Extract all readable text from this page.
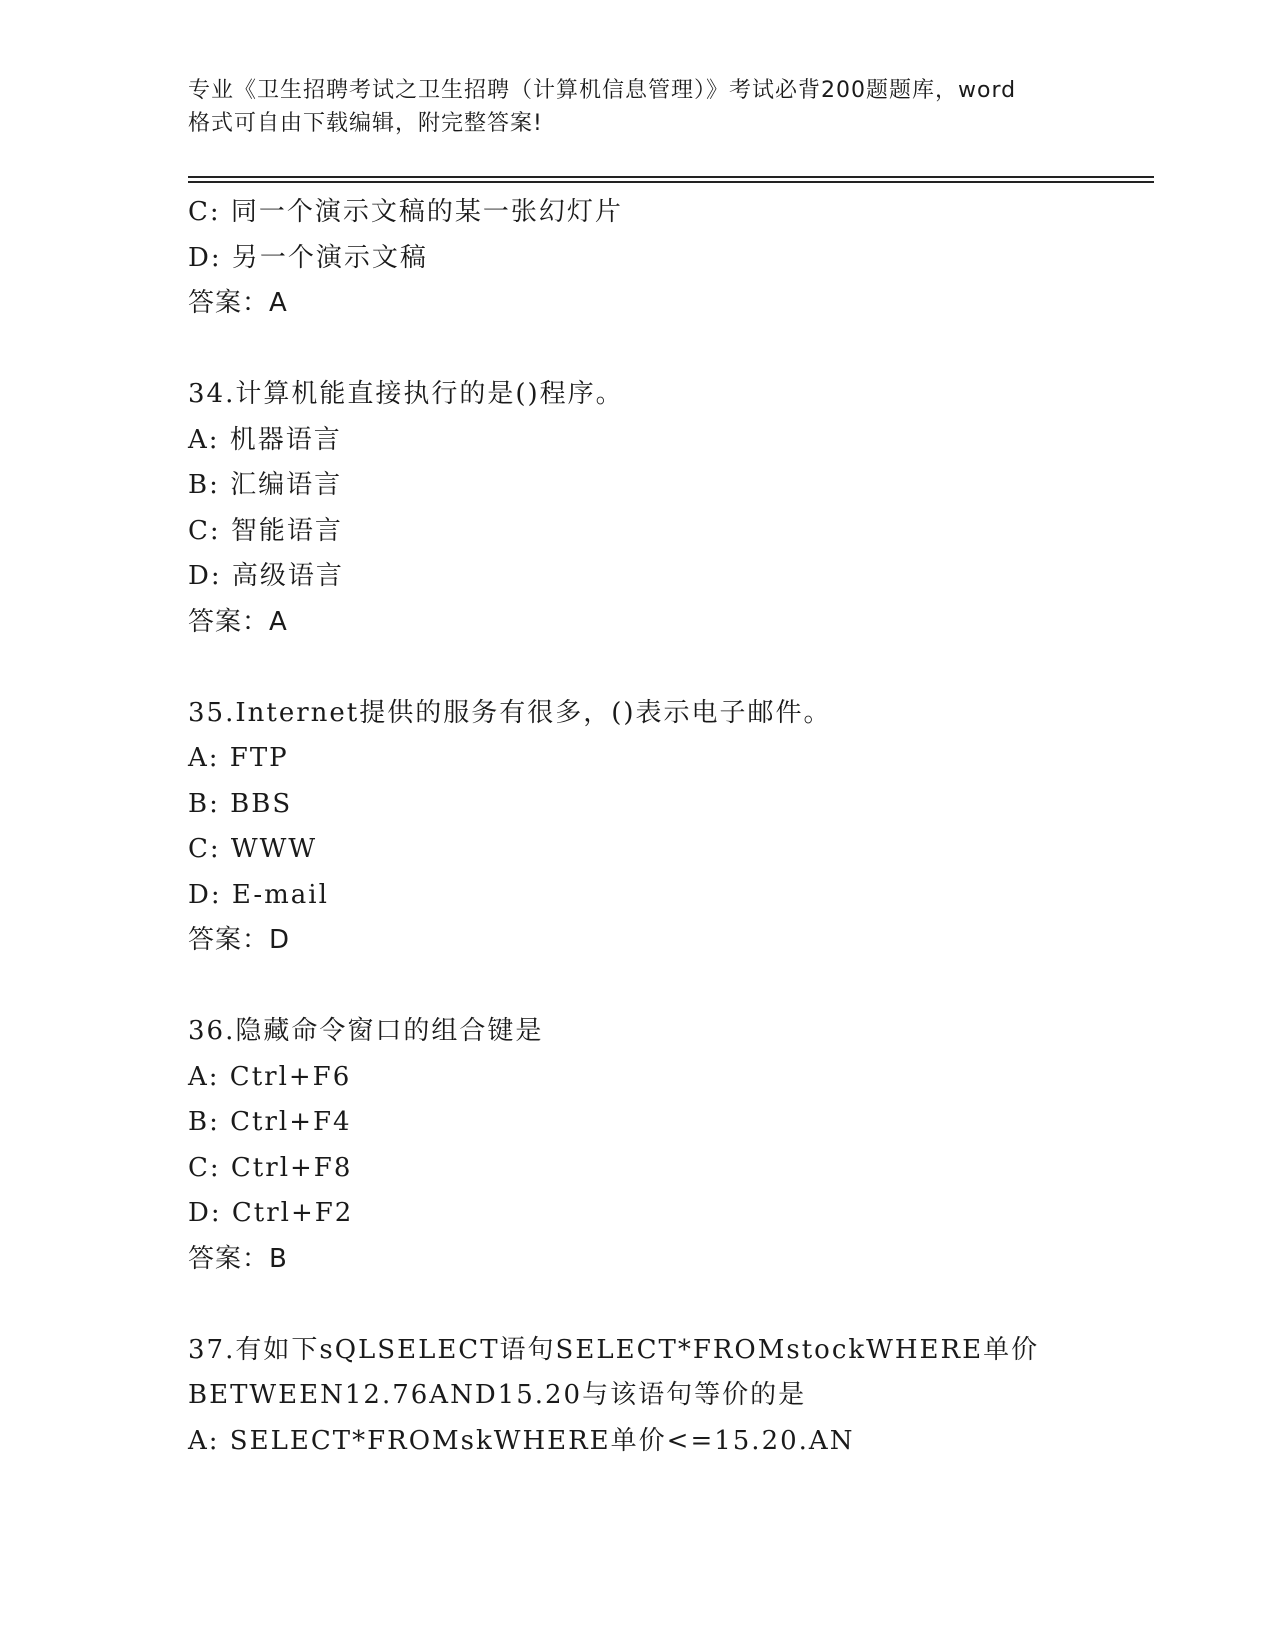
专业《卫生招聘考试之卫生招聘（计算机信息管理）》考试必背200题题库，word
格式可自由下载编辑，附完整答案!
C: 同一个演示文稿的某一张幻灯片
D: 另一个演示文稿
答案：A
34.计算机能直接执行的是()程序。
A: 机器语言
B: 汇编语言
C: 智能语言
D: 高级语言
答案：A
35.Internet提供的服务有很多，()表示电子邮件。
A: FTP
B: BBS
C: WWW
D: E-mail
答案：D
36.隐藏命令窗口的组合键是
A: Ctrl+F6
B: Ctrl+F4
C: Ctrl+F8
D: Ctrl+F2
答案：B
37.有如下sQLSELECT语句SELECT*FROMstockWHERE单价
BETWEEN12.76AND15.20与该语句等价的是
A: SELECT*FROMskWHERE单价<=15.20.AN
